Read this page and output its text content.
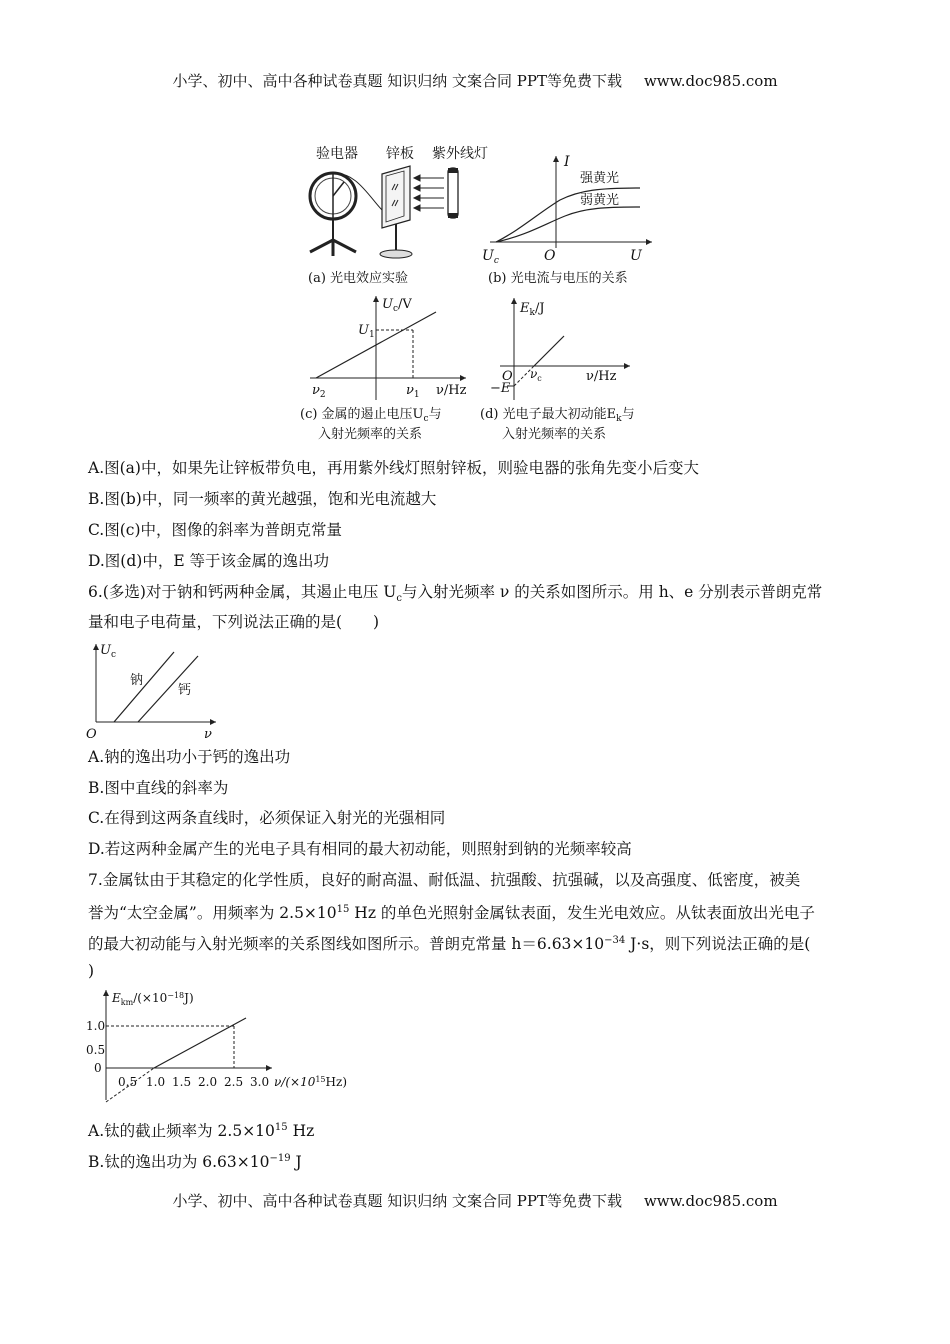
小学、初中、高中各种试卷真题 知识归纳 文案合同 PPT等免费下载 www.doc985.com
验电器 锌板 紫外线灯
(a) 光电效应实验
I
U
O
$U_c$
强黄光
弱黄光
(b) 光电流与电压的关系
$U_c/V$
$U_1$
$\nu_2$	$\nu_1$ ν/Hz
(c) 金属的遏止电压$U_c$与
入射光频率的关系
$E_k/J$
O $\nu_c$
−E
ν/Hz
(d) 光电子最大初动能$E_k$与
入射光频率的关系
A.图(a)中，如果先让锌板带负电，再用紫外线灯照射锌板，则验电器的张角先变小后变大
B.图(b)中，同一频率的黄光越强，饱和光电流越大
C.图(c)中，图像的斜率为普朗克常量
D.图(d)中，E 等于该金属的逸出功
6.(多选)对于钠和钙两种金属，其遏止电压 $U_c$与入射光频率 ν 的关系如图所示。用 h、e 分别表示普朗克常
量和电子电荷量，下列说法正确的是(　　)
$U_c$
O	ν
钠
钙
A.钠的逸出功小于钙的逸出功
B.图中直线的斜率为
C.在得到这两条直线时，必须保证入射光的光强相同
D.若这两种金属产生的光电子具有相同的最大初动能，则照射到钠的光频率较高
7.金属钛由于其稳定的化学性质，良好的耐高温、耐低温、抗强酸、抗强碱，以及高强度、低密度，被美
誉为“太空金属”。用频率为 $2.5\times 10^{15}$ Hz 的单色光照射金属钛表面，发生光电效应。从钛表面放出光电子
的最大初动能与入射光频率的关系图线如图所示。普朗克常量 $h=6.63\times 10^{-34}$ J·s，则下列说法正确的是(
)
$E_{km}/(\times 10^{-18}J)$
1.0
0.5
0
0.5 1.0 1.5 2.0 2.5 3.0 $\nu/(\times 10^{15}Hz)$
A.钛的截止频率为 $2.5\times 10^{15}$ Hz
B.钛的逸出功为 $6.63\times 10^{-19}$ J
小学、初中、高中各种试卷真题 知识归纳 文案合同 PPT等免费下载 www.doc985.com
